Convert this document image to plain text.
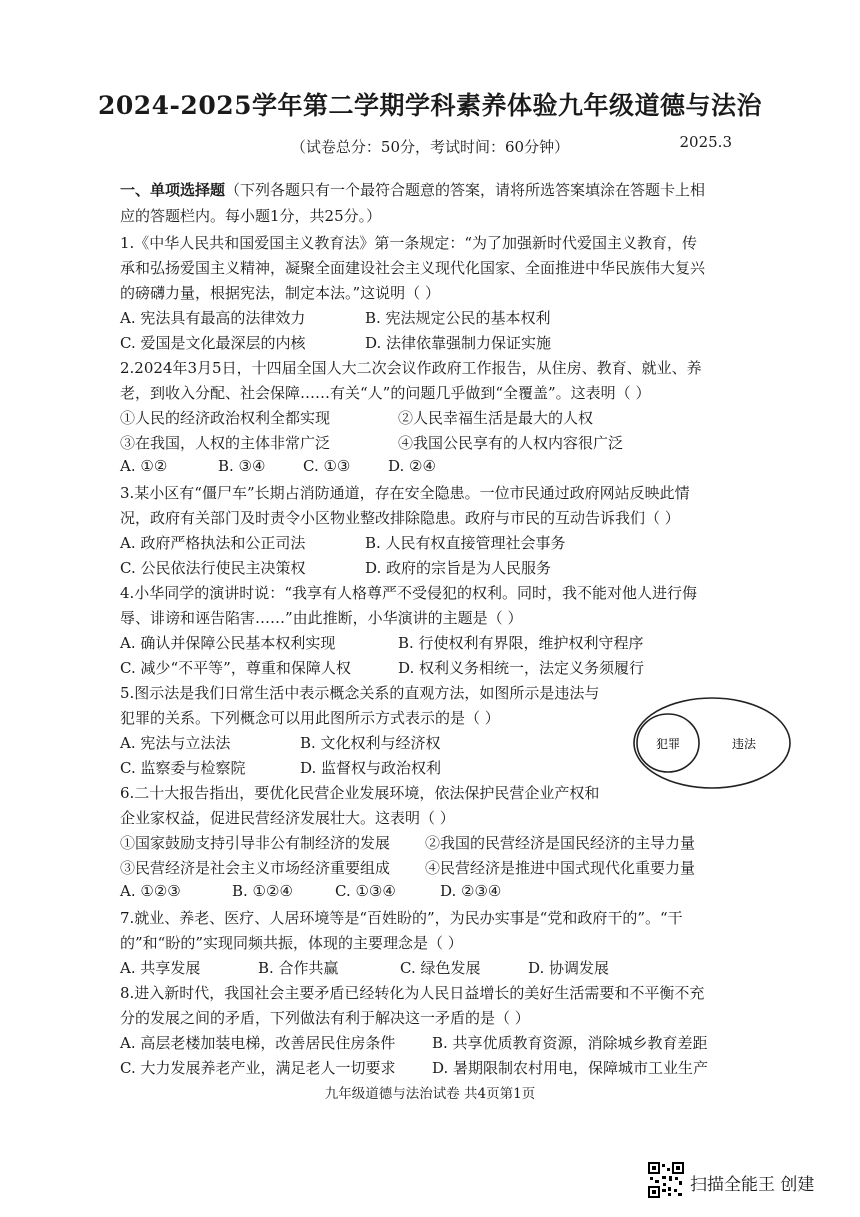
2024-2025学年第二学期学科素养体验九年级道德与法治
（试卷总分：50分，考试时间：60分钟）	2025.3
一、单项选择题（下列各题只有一个最符合题意的答案，请将所选答案填涂在答题卡上相
应的答题栏内。每小题1分，共25分。）
1.《中华人民共和国爱国主义教育法》第一条规定：“为了加强新时代爱国主义教育，传
承和弘扬爱国主义精神，凝聚全面建设社会主义现代化国家、全面推进中华民族伟大复兴
的磅礴力量，根据宪法，制定本法。”这说明（ ）
A. 宪法具有最高的法律效力	B. 宪法规定公民的基本权利
C. 爱国是文化最深层的内核	D. 法律依靠强制力保证实施
2.2024年3月5日，十四届全国人大二次会议作政府工作报告，从住房、教育、就业、养
老，到收入分配、社会保障……有关“人”的问题几乎做到“全覆盖”。这表明（ ）
①人民的经济政治权利全都实现	②人民幸福生活是最大的人权
③在我国，人权的主体非常广泛	④我国公民享有的人权内容很广泛
A. ①②	B. ③④	C. ①③	D. ②④
3.某小区有“僵尸车”长期占消防通道，存在安全隐患。一位市民通过政府网站反映此情
况，政府有关部门及时责令小区物业整改排除隐患。政府与市民的互动告诉我们（ ）
A. 政府严格执法和公正司法	B. 人民有权直接管理社会事务
C. 公民依法行使民主决策权	D. 政府的宗旨是为人民服务
4.小华同学的演讲时说：“我享有人格尊严不受侵犯的权利。同时，我不能对他人进行侮
辱、诽谤和诬告陷害……”由此推断，小华演讲的主题是（ ）
A. 确认并保障公民基本权利实现	B. 行使权利有界限，维护权利守程序
C. 减少“不平等”，尊重和保障人权	D. 权利义务相统一，法定义务须履行
5.图示法是我们日常生活中表示概念关系的直观方法，如图所示是违法与
犯罪的关系。下列概念可以用此图所示方式表示的是（ ）
A. 宪法与立法法	B. 文化权利与经济权
C. 监察委与检察院	D. 监督权与政治权利
犯罪	违法
6.二十大报告指出，要优化民营企业发展环境，依法保护民营企业产权和
企业家权益，促进民营经济发展壮大。这表明（ ）
①国家鼓励支持引导非公有制经济的发展 ②我国的民营经济是国民经济的主导力量
③民营经济是社会主义市场经济重要组成 ④民营经济是推进中国式现代化重要力量
A. ①②③	B. ①②④	C. ①③④	D. ②③④
7.就业、养老、医疗、人居环境等是“百姓盼的”，为民办实事是“党和政府干的”。“干
的”和“盼的”实现同频共振，体现的主要理念是（ ）
A. 共享发展	B. 合作共赢	C. 绿色发展	D. 协调发展
8.进入新时代，我国社会主要矛盾已经转化为人民日益增长的美好生活需要和不平衡不充
分的发展之间的矛盾，下列做法有利于解决这一矛盾的是（ ）
A. 高层老楼加装电梯，改善居民住房条件 B. 共享优质教育资源，消除城乡教育差距
C. 大力发展养老产业，满足老人一切要求 D. 暑期限制农村用电，保障城市工业生产
九年级道德与法治试卷 共4页第1页
扫描全能王 创建
